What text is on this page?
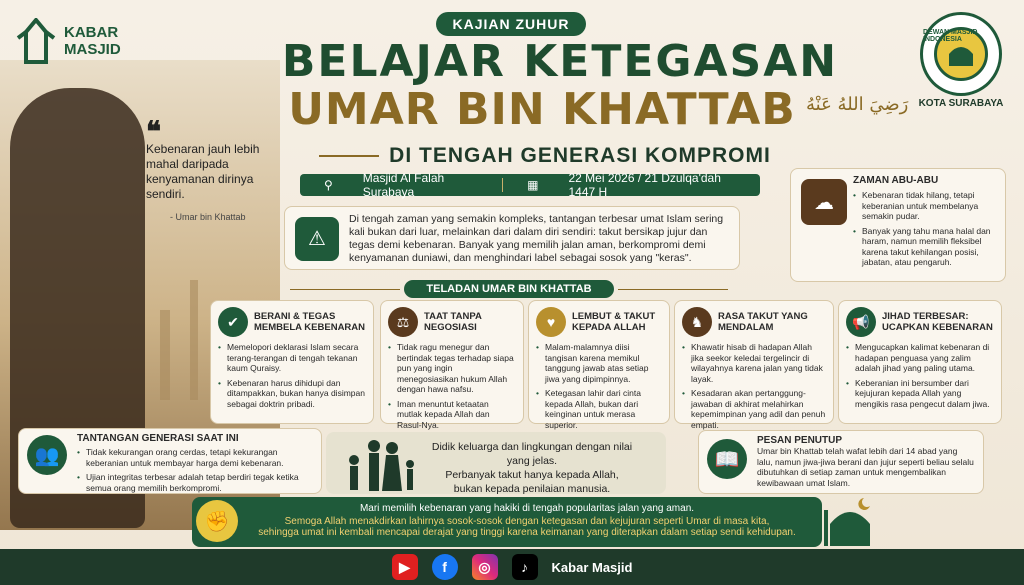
KABAR
MASJID
DEWAN MASJID INDONESIA
KOTA SURABAYA
KAJIAN ZUHUR
BELAJAR KETEGASAN
UMAR BIN KHATTAB رَضِيَ اللهُ عَنْهُ
DI TENGAH GENERASI KOMPROMI
⚲	Masjid Al Falah Surabaya	▦	22 Mei 2026 / 21 Dzulqa'dah 1447 H
❝
Kebenaran jauh lebih mahal daripada kenyamanan dirinya sendiri.
- Umar bin Khattab
⚠
Di tengah zaman yang semakin kompleks, tantangan terbesar umat Islam sering kali bukan dari luar, melainkan dari dalam diri sendiri: takut bersikap jujur dan tegas demi kebenaran. Banyak yang memilih jalan aman, berkompromi demi kenyamanan duniawi, dan menghindari label sebagai sosok yang "keras".
☁
ZAMAN ABU-ABU
• Kebenaran tidak hilang, tetapi keberanian untuk membelanya semakin pudar.
• Banyak yang tahu mana halal dan haram, namun memilih fleksibel karena takut kehilangan posisi, jabatan, atau pengaruh.
TELADAN UMAR BIN KHATTAB
✔	BERANI & TEGAS MEMBELA KEBENARAN
• Memelopori deklarasi Islam secara terang-terangan di tengah tekanan kaum Quraisy.
• Kebenaran harus dihidupi dan ditampakkan, bukan hanya disimpan sebagai doktrin pribadi.
⚖	TAAT TANPA NEGOSIASI
• Tidak ragu menegur dan bertindak tegas terhadap siapa pun yang ingin menegosiasikan hukum Allah dengan hawa nafsu.
• Iman menuntut ketaatan mutlak kepada Allah dan Rasul-Nya.
♥	LEMBUT & TAKUT KEPADA ALLAH
• Malam-malamnya diisi tangisan karena memikul tanggung jawab atas setiap jiwa yang dipimpinnya.
• Ketegasan lahir dari cinta kepada Allah, bukan dari keinginan untuk merasa superior.
♞	RASA TAKUT YANG MENDALAM
• Khawatir hisab di hadapan Allah jika seekor keledai tergelincir di wilayahnya karena jalan yang tidak layak.
• Kesadaran akan pertanggung-jawaban di akhirat melahirkan kepemimpinan yang adil dan penuh empati.
📢	JIHAD TERBESAR: UCAPKAN KEBENARAN
• Mengucapkan kalimat kebenaran di hadapan penguasa yang zalim adalah jihad yang paling utama.
• Keberanian ini bersumber dari kejujuran kepada Allah yang mengikis rasa pengecut dalam jiwa.
👥
TANTANGAN GENERASI SAAT INI
• Tidak kekurangan orang cerdas, tetapi kekurangan keberanian untuk membayar harga demi kebenaran.
• Ujian integritas terbesar adalah tetap berdiri tegak ketika semua orang memilih berkompromi.
Didik keluarga dan lingkungan dengan nilai yang jelas.
Perbanyak takut hanya kepada Allah,
bukan kepada penilaian manusia.
📖
PESAN PENUTUP
Umar bin Khattab telah wafat lebih dari 14 abad yang lalu, namun jiwa-jiwa berani dan jujur seperti beliau selalu dibutuhkan di setiap zaman untuk mengembalikan kewibawaan umat Islam.
Mari memilih kebenaran yang hakiki di tengah popularitas jalan yang aman.
Semoga Allah menakdirkan lahirnya sosok-sosok dengan ketegasan dan kejujuran seperti Umar di masa kita,
sehingga umat ini kembali mencapai derajat yang tinggi karena keimanan yang diterapkan dalam setiap sendi kehidupan.
✊
▶	f	◎	♪	Kabar Masjid
